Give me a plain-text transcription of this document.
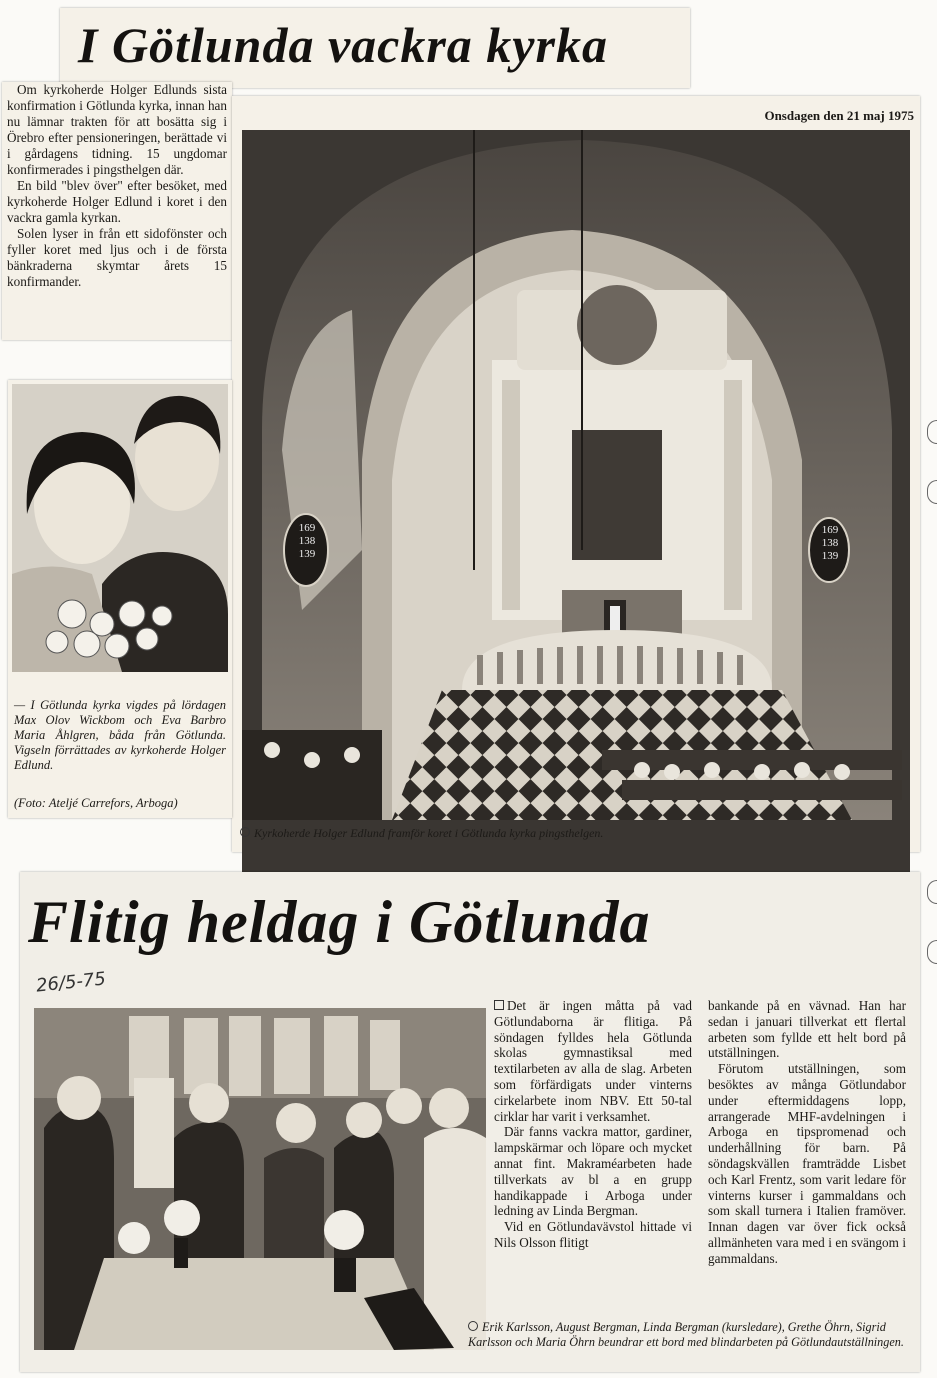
I Götlunda vackra kyrka

Om kyrkoherde Holger Edlunds sista konfirmation i Götlunda kyrka, innan han nu lämnar trakten för att bosätta sig i Örebro efter pensioneringen, berättade vi i gårdagens tidning. 15 ungdomar konfirmerades i pingsthelgen där.

En bild "blev över" efter besöket, med kyrkoherde Holger Edlund i koret i den vackra gamla kyrkan.

Solen lyser in från ett sidofönster och fyller koret med ljus och i de första bänkraderna skymtar årets 15 konfirmander.

Onsdagen den 21 maj 1975
169
138
139
169
138
139
Kyrkoherde Holger Edlund framför koret i Götlunda kyrka pingsthelgen.
— I Götlunda kyrka vigdes på lördagen Max Olov Wickbom och Eva Barbro Maria Åhlgren, båda från Götlunda. Vigseln förrättades av kyrkoherde Holger Edlund.
(Foto: Ateljé Carrefors, Arboga)
Flitig heldag i Götlunda
26/5-75

Det är ingen måtta på vad Götlundaborna är flitiga. På söndagen fylldes hela Götlunda skolas gymnastiksal med textilarbeten av alla de slag. Arbeten som förfärdigats under vinterns cirkelarbete inom NBV. Ett 50-tal cirklar har varit i verksamhet.

Där fanns vackra mattor, gardiner, lampskärmar och löpare och mycket annat fint. Makraméarbeten hade tillverkats av bl a en grupp handikappade i Arboga under ledning av Linda Bergman.

Vid en Götlundavävstol hittade vi Nils Olsson flitigt

bankande på en vävnad. Han har sedan i januari tillverkat ett flertal arbeten som fyllde ett helt bord på utställningen.

Förutom utställningen, som besöktes av många Götlundabor under eftermiddagens lopp, arrangerade MHF-avdelningen i Arboga en tipspromenad och underhållning för barn. På söndagskvällen framträdde Lisbet och Karl Frentz, som varit ledare för vinterns kurser i gammaldans och som skall turnera i Italien framöver. Innan dagen var över fick också allmänheten vara med i en svängom i gammaldans.

Erik Karlsson, August Bergman, Linda Bergman (kursledare), Grethe Öhrn, Sigrid Karlsson och Maria Öhrn beundrar ett bord med blindarbeten på Götlundautställningen.
